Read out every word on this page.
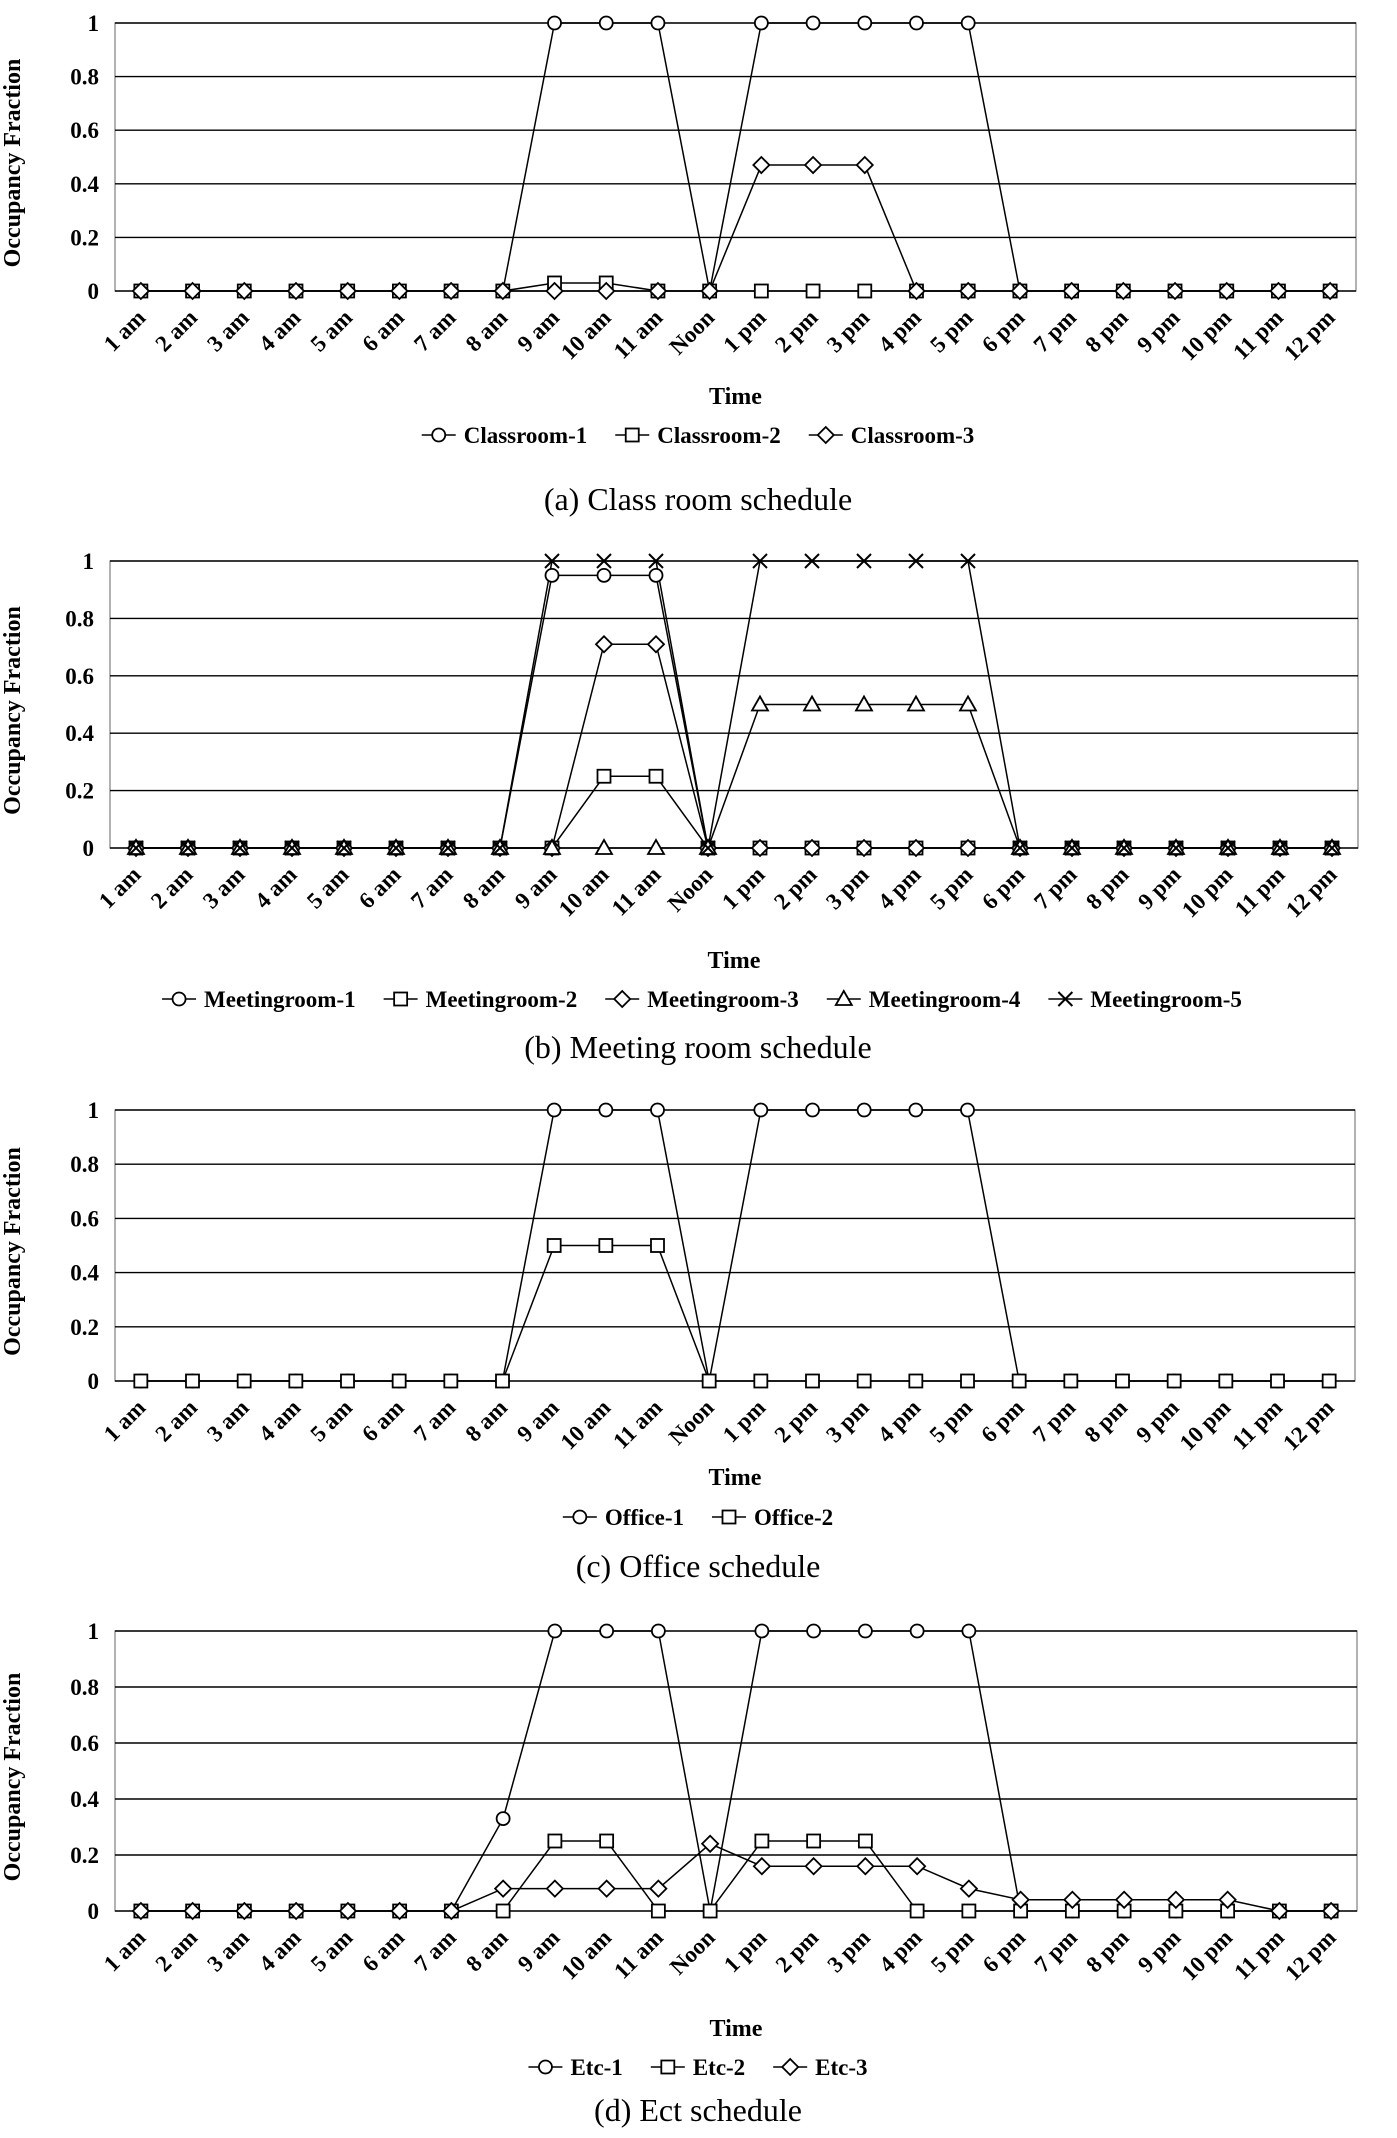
0
0.2
0.4
0.6
0.8
1
1 am 2 am 3 am 4 am 5 am 6 am 7 am 8 am 9 am
10 am
11 am
Noon 1 pm 2 pm 3 pm 4 pm 5 pm 6 pm 7 pm 8 pm 9 pm
10 pm
11 pm
12 pm
Occupancy Fraction
Time
Classroom-1	Classroom-2	Classroom-3
(a) Class room schedule
0
0.2
0.4
0.6
0.8
1
1 am 2 am 3 am 4 am 5 am 6 am 7 am 8 am 9 am
10 am
11 am
Noon 1 pm 2 pm 3 pm 4 pm 5 pm 6 pm 7 pm 8 pm 9 pm
10 pm
11 pm
12 pm
Occupancy Fraction
Time
Meetingroom-1	Meetingroom-2	Meetingroom-3	Meetingroom-4	Meetingroom-5
(b) Meeting room schedule
0
0.2
0.4
0.6
0.8
1
1 am 2 am 3 am 4 am 5 am 6 am 7 am 8 am 9 am
10 am
11 am
Noon 1 pm 2 pm 3 pm 4 pm 5 pm 6 pm 7 pm 8 pm 9 pm
10 pm
11 pm
12 pm
Occupancy Fraction
Time
Office-1	Office-2
(c) Office schedule
0
0.2
0.4
0.6
0.8
1
1 am 2 am 3 am 4 am 5 am 6 am 7 am 8 am 9 am
10 am
11 am
Noon 1 pm 2 pm 3 pm 4 pm 5 pm 6 pm 7 pm 8 pm 9 pm
10 pm
11 pm
12 pm
Occupancy Fraction
Time
Etc-1	Etc-2	Etc-3
(d) Ect schedule
